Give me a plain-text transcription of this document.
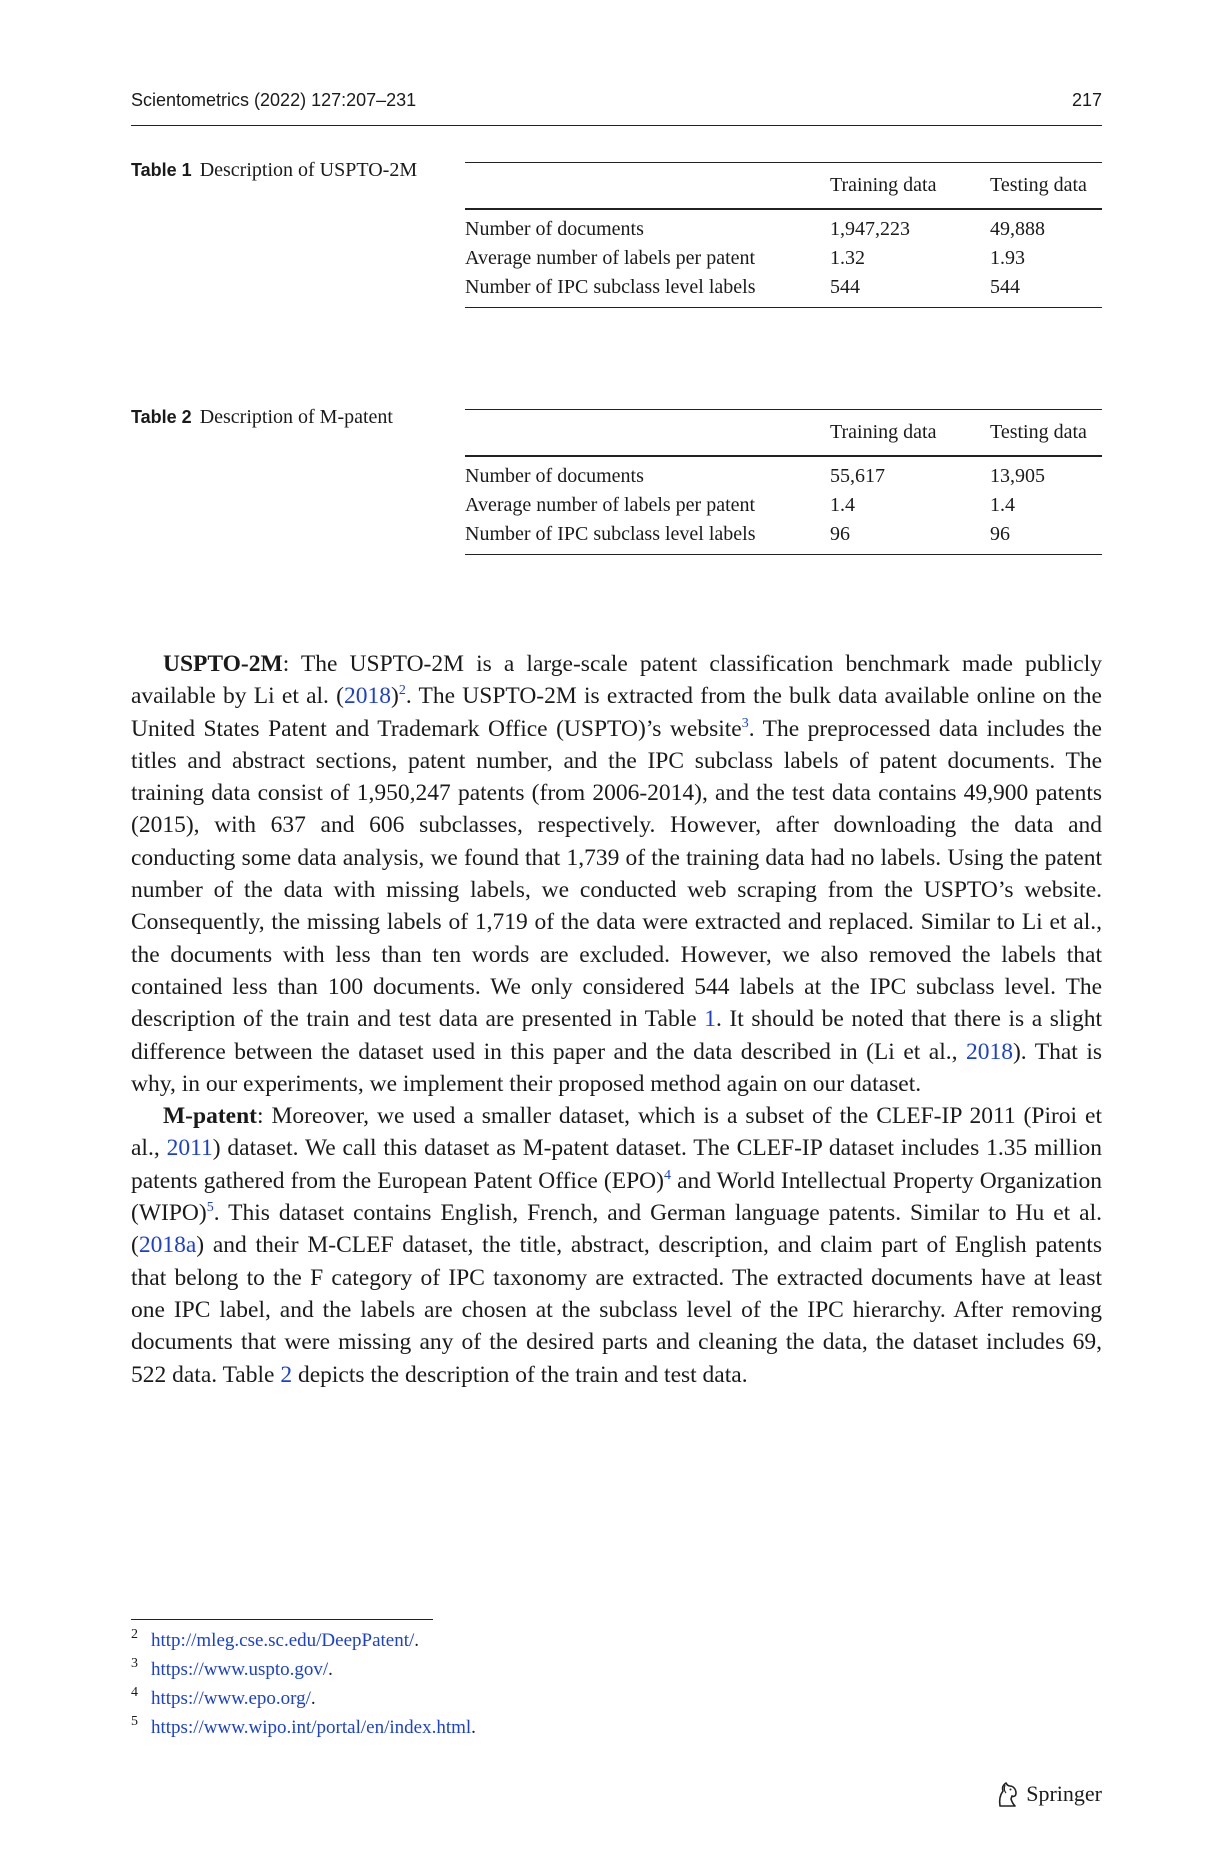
Scientometrics (2022) 127:207–231	217
Table 1 Description of USPTO-2M
	Training data	Testing data
Number of documents	1,947,223	49,888
Average number of labels per patent	1.32	1.93
Number of IPC subclass level labels	544	544
Table 2 Description of M-patent
	Training data	Testing data
Number of documents	55,617	13,905
Average number of labels per patent	1.4	1.4
Number of IPC subclass level labels	96	96

USPTO-2M: The USPTO-2M is a large-scale patent classification benchmark made publicly available by Li et al. $(2018)^2$. The USPTO-2M is extracted from the bulk data available online on the United States Patent and Trademark Office (USPTO)’s website$^3$. The preprocessed data includes the titles and abstract sections, patent number, and the IPC subclass labels of patent documents. The training data consist of 1,950,247 patents (from 2006-2014), and the test data contains 49,900 patents (2015), with 637 and 606 subclasses, respectively. However, after downloading the data and conducting some data analysis, we found that 1,739 of the training data had no labels. Using the patent number of the data with missing labels, we conducted web scraping from the USPTO’s website. Consequently, the missing labels of 1,719 of the data were extracted and replaced. Similar to Li et al., the documents with less than ten words are excluded. However, we also removed the labels that contained less than 100 documents. We only considered 544 labels at the IPC subclass level. The description of the train and test data are presented in Table 1. It should be noted that there is a slight difference between the dataset used in this paper and the data described in (Li et al., 2018). That is why, in our experiments, we implement their proposed method again on our dataset.

M-patent: Moreover, we used a smaller dataset, which is a subset of the CLEF-IP 2011 (Piroi et al., 2011) dataset. We call this dataset as M-patent dataset. The CLEF-IP dataset includes 1.35 million patents gathered from the European Patent Office (EPO)$^4$ and World Intellectual Property Organization (WIPO)$^5$. This dataset contains English, French, and German language patents. Similar to Hu et al. (2018a) and their M-CLEF dataset, the title, abstract, description, and claim part of English patents that belong to the F category of IPC taxonomy are extracted. The extracted documents have at least one IPC label, and the labels are chosen at the subclass level of the IPC hierarchy. After removing documents that were missing any of the desired parts and cleaning the data, the dataset includes 69, 522 data. Table 2 depicts the description of the train and test data.

2 http://mleg.cse.sc.edu/DeepPatent/.
3 https://www.uspto.gov/.
4 https://www.epo.org/.
5 https://www.wipo.int/portal/en/index.html.
Springer
